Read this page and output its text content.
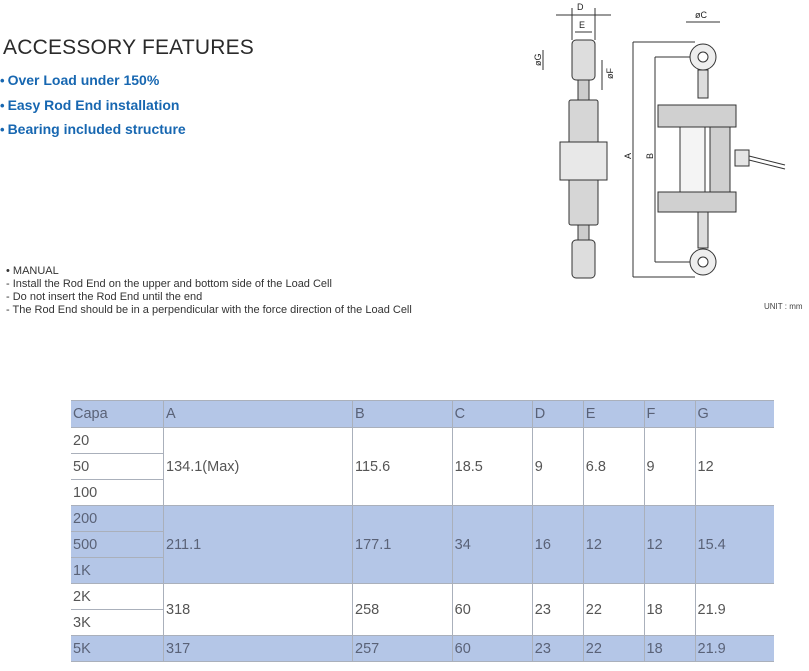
ACCESSORY FEATURES
• Over Load under 150%
• Easy Rod End installation
• Bearing included structure
• MANUAL
- Install the Rod End on the upper and bottom side of the Load Cell
- Do not insert the Rod End until the end
- The Rod End should be in a perpendicular with the force direction of the Load Cell	UNIT : mm
D
E
øG
øF
øC
A B
Capa	A	B	C	D	E	F	G
20	134.1(Max)	115.6	18.5	9	6.8	9	12
50							
100							
200	211.1	177.1	34	16	12	12	15.4
500							
1K							
2K	318	258	60	23	22	18	21.9
3K							
5K	317	257	60	23	22	18	21.9
